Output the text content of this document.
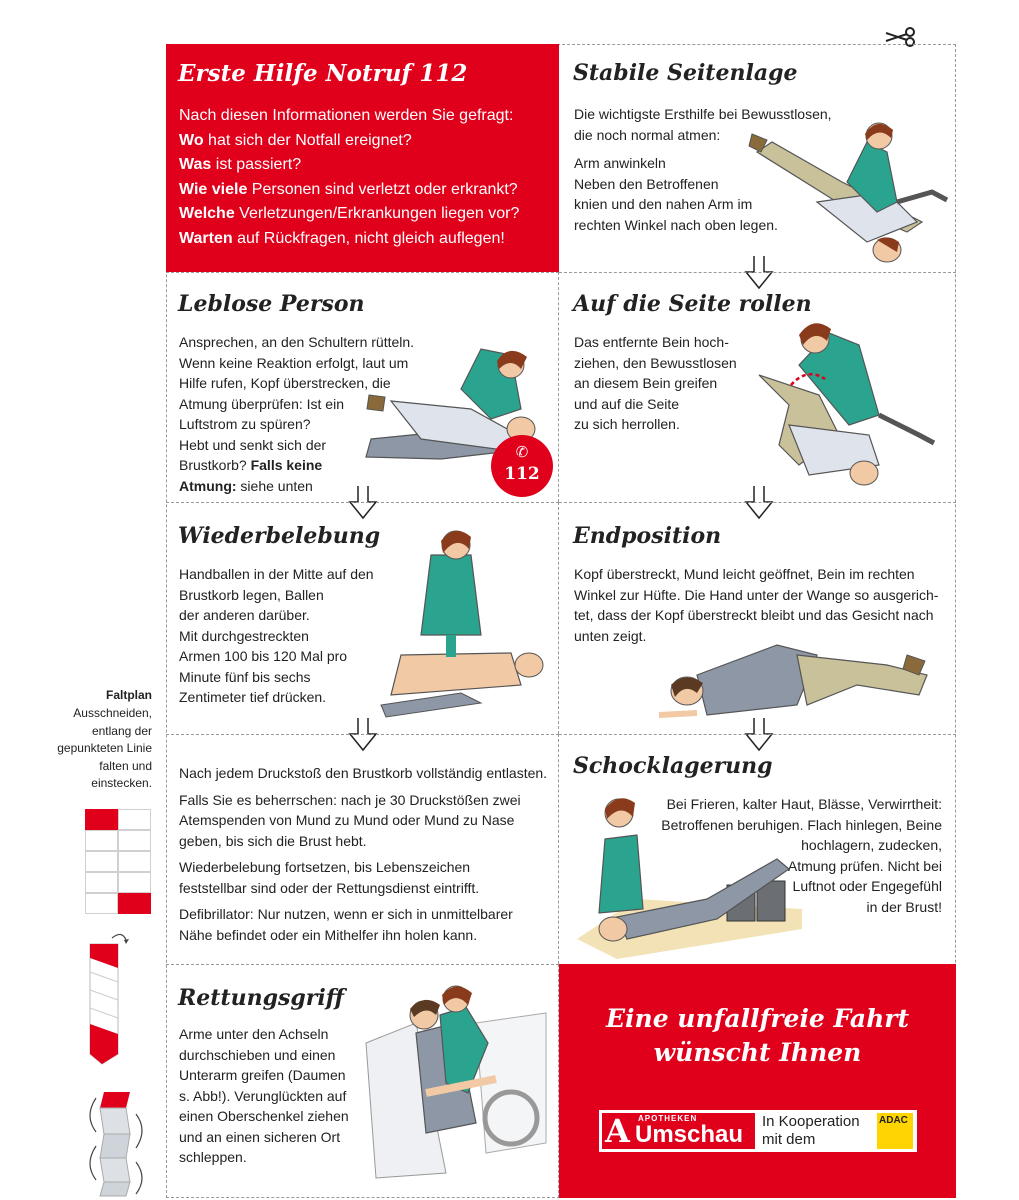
Erste Hilfe Notruf 112
Nach diesen Informationen werden Sie gefragt:
Wo hat sich der Notfall ereignet?
Was ist passiert?
Wie viele Personen sind verletzt oder erkrankt?
Welche Verletzungen/Erkrankungen liegen vor?
Warten auf Rückfragen, nicht gleich auflegen!
Stabile Seitenlage
Die wichtigste Ersthilfe bei Bewusstlosen,
die noch normal atmen:
Arm anwinkeln
Neben den Betroffenen
knien und den nahen Arm im
rechten Winkel nach oben legen.
Leblose Person
Ansprechen, an den Schultern rütteln.
Wenn keine Reaktion erfolgt, laut um
Hilfe rufen, Kopf überstrecken, die
Atmung überprüfen: Ist ein
Luftstrom zu spüren?
Hebt und senkt sich der
Brustkorb? Falls keine
Atmung: siehe unten
✆
112
Auf die Seite rollen
Das entfernte Bein hoch-
ziehen, den Bewusstlosen
an diesem Bein greifen
und auf die Seite
zu sich herrollen.
Wiederbelebung
Handballen in der Mitte auf den
Brustkorb legen, Ballen
der anderen darüber.
Mit durchgestreckten
Armen 100 bis 120 Mal pro
Minute fünf bis sechs
Zentimeter tief drücken.
Endposition
Kopf überstreckt, Mund leicht geöffnet, Bein im rechten
Winkel zur Hüfte. Die Hand unter der Wange so ausgerich-
tet, dass der Kopf überstreckt bleibt und das Gesicht nach
unten zeigt.
Nach jedem Druckstoß den Brustkorb vollständig entlasten.
Falls Sie es beherrschen: nach je 30 Druckstößen zwei
Atemspenden von Mund zu Mund oder Mund zu Nase
geben, bis sich die Brust hebt.
Wiederbelebung fortsetzen, bis Lebenszeichen
feststellbar sind oder der Rettungsdienst eintrifft.
Defibrillator: Nur nutzen, wenn er sich in unmittelbarer
Nähe befindet oder ein Mithelfer ihn holen kann.
Schocklagerung
Bei Frieren, kalter Haut, Blässe, Verwirrtheit:
Betroffenen beruhigen. Flach hinlegen, Beine
hochlagern, zudecken,
Atmung prüfen. Nicht bei
Luftnot oder Engegefühl
in der Brust!
Rettungsgriff
Arme unter den Achseln
durchschieben und einen
Unterarm greifen (Daumen
s. Abb!). Verunglückten auf
einen Oberschenkel ziehen
und an einen sicheren Ort
schleppen.
Eine unfallfreie Fahrt
wünscht Ihnen
A APOTHEKEN
Umschau In Kooperation
mit dem
ADAC
Faltplan
Ausschneiden,
entlang der
gepunkteten Linie
falten und
einstecken.
